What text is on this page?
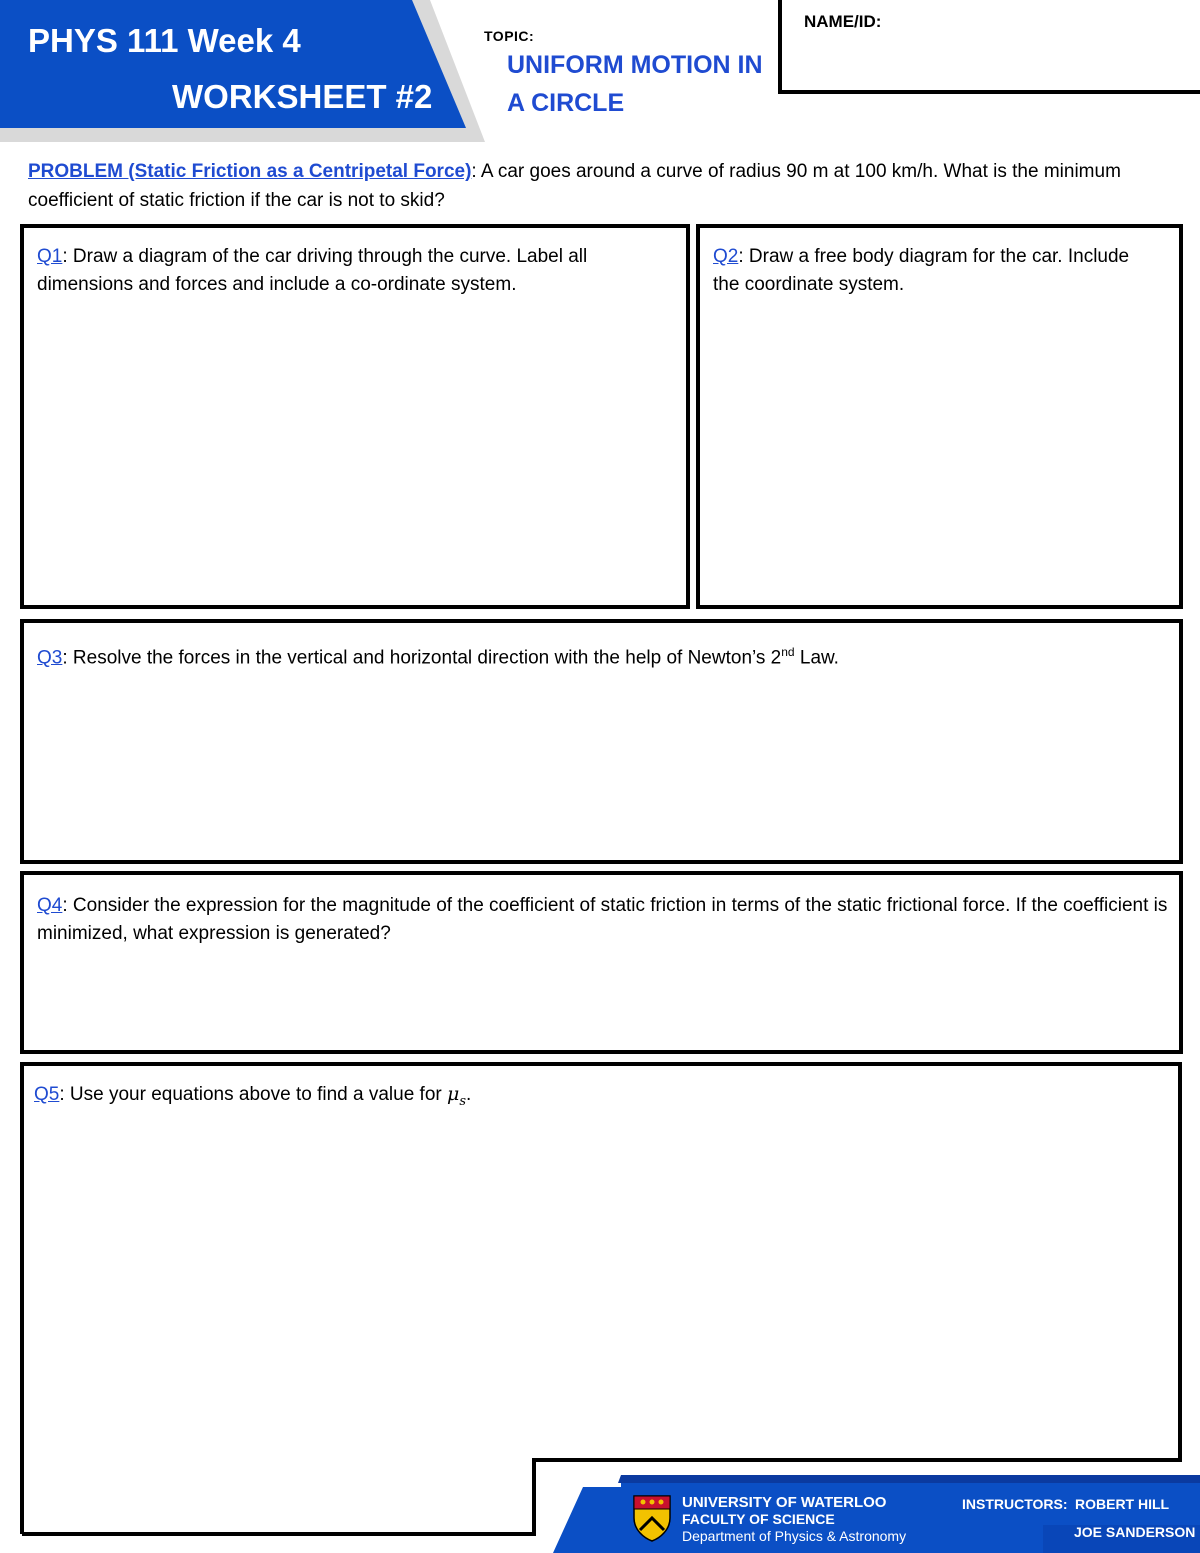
PHYS 111 Week 4
WORKSHEET #2
TOPIC:
UNIFORM MOTION IN A CIRCLE
NAME/ID:
PROBLEM (Static Friction as a Centripetal Force): A car goes around a curve of radius 90 m at 100 km/h. What is the minimum coefficient of static friction if the car is not to skid?
Q1: Draw a diagram of the car driving through the curve. Label all dimensions and forces and include a co-ordinate system.
Q2: Draw a free body diagram for the car. Include the coordinate system.
Q3: Resolve the forces in the vertical and horizontal direction with the help of Newton’s 2nd Law.
Q4: Consider the expression for the magnitude of the coefficient of static friction in terms of the static frictional force. If the coefficient is minimized, what expression is generated?
Q5: Use your equations above to find a value for $\mu_s$.
UNIVERSITY OF WATERLOO
FACULTY OF SCIENCE
Department of Physics & Astronomy
INSTRUCTORS: ROBERT HILL
JOE SANDERSON
